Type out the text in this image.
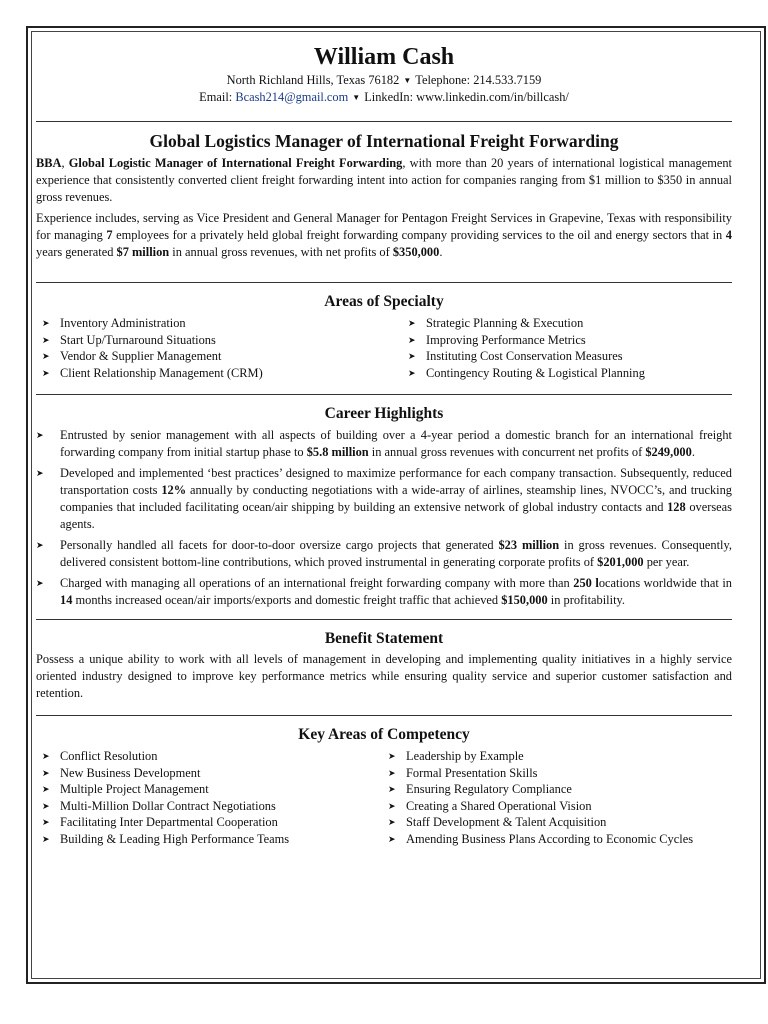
William Cash
North Richland Hills, Texas 76182 ▼ Telephone: 214.533.7159
Email: Bcash214@gmail.com ▼ LinkedIn: www.linkedin.com/in/billcash/
Global Logistics Manager of International Freight Forwarding

BBA, Global Logistic Manager of International Freight Forwarding, with more than 20 years of international logistical management experience that consistently converted client freight forwarding intent into action for companies ranging from $1 million to $350 in annual gross revenues.

Experience includes, serving as Vice President and General Manager for Pentagon Freight Services in Grapevine, Texas with responsibility for managing 7 employees for a privately held global freight forwarding company providing services to the oil and energy sectors that in 4 years generated $7 million in annual gross revenues, with net profits of $350,000.

Areas of Specialty
➤ Inventory Administration
➤ Start Up/Turnaround Situations
➤ Vendor & Supplier Management
➤ Client Relationship Management (CRM)
➤ Strategic Planning & Execution
➤ Improving Performance Metrics
➤ Instituting Cost Conservation Measures
➤ Contingency Routing & Logistical Planning
Career Highlights
➤	Entrusted by senior management with all aspects of building over a 4-year period a domestic branch for an international freight forwarding company from initial startup phase to $5.8 million in annual gross revenues with concurrent net profits of $249,000.
➤	Developed and implemented ‘best practices’ designed to maximize performance for each company transaction. Subsequently, reduced transportation costs 12% annually by conducting negotiations with a wide-array of airlines, steamship lines, NVOCC’s, and trucking companies that included facilitating ocean/air shipping by building an extensive network of global industry contacts and 128 overseas agents.
➤	Personally handled all facets for door-to-door oversize cargo projects that generated $23 million in gross revenues. Consequently, delivered consistent bottom-line contributions, which proved instrumental in generating corporate profits of $201,000 per year.
➤	Charged with managing all operations of an international freight forwarding company with more than 250 locations worldwide that in 14 months increased ocean/air imports/exports and domestic freight traffic that achieved $150,000 in profitability.
Benefit Statement

Possess a unique ability to work with all levels of management in developing and implementing quality initiatives in a highly service oriented industry designed to improve key performance metrics while ensuring quality service and superior customer satisfaction and retention.

Key Areas of Competency
➤ Conflict Resolution
➤ New Business Development
➤ Multiple Project Management
➤ Multi-Million Dollar Contract Negotiations
➤ Facilitating Inter Departmental Cooperation
➤ Building & Leading High Performance Teams
➤ Leadership by Example
➤ Formal Presentation Skills
➤ Ensuring Regulatory Compliance
➤ Creating a Shared Operational Vision
➤ Staff Development & Talent Acquisition
➤ Amending Business Plans According to Economic Cycles
